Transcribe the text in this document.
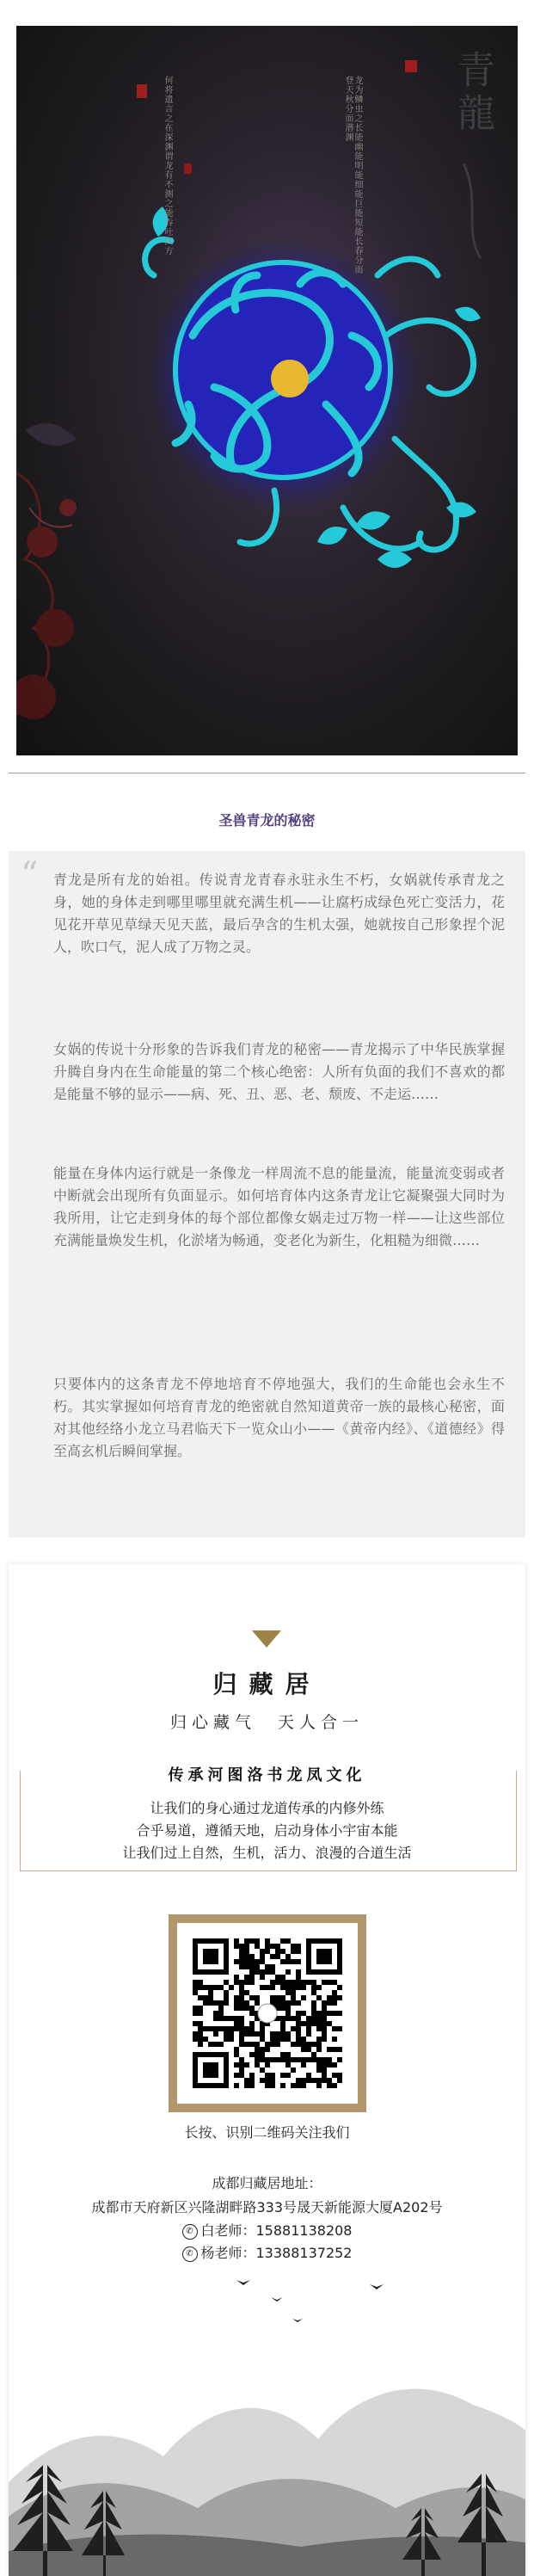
青龍
何将遗言之在深渊谓龙有不测之能吞吐四方	龙为鳞虫之长能幽能明能细能巨能短能长春分而登天秋分而潜渊
圣兽青龙的秘密
“ 青龙是所有龙的始祖。传说青龙青春永驻永生不朽，女娲就传承青龙之身，她的身体走到哪里哪里就充满生机——让腐朽成绿色死亡变活力，花见花开草见草绿天见天蓝，最后孕含的生机太强，她就按自己形象捏个泥人，吹口气，泥人成了万物之灵。
女娲的传说十分形象的告诉我们青龙的秘密——青龙揭示了中华民族掌握升腾自身内在生命能量的第二个核心绝密：人所有负面的我们不喜欢的都是能量不够的显示——病、死、丑、恶、老、颓废、不走运……
能量在身体内运行就是一条像龙一样周流不息的能量流，能量流变弱或者中断就会出现所有负面显示。如何培育体内这条青龙让它凝聚强大同时为我所用，让它走到身体的每个部位都像女娲走过万物一样——让这些部位充满能量焕发生机，化淤堵为畅通，变老化为新生，化粗糙为细微……
只要体内的这条青龙不停地培育不停地强大，我们的生命能也会永生不朽。其实掌握如何培育青龙的绝密就自然知道黄帝一族的最核心秘密，面对其他经络小龙立马君临天下一览众山小——《黄帝内经》、《道德经》得至高玄机后瞬间掌握。
归藏居
归心藏气　天人合一
传承河图洛书龙凤文化
让我们的身心通过龙道传承的内修外练
合乎易道，遵循天地，启动身体小宇宙本能
让我们过上自然，生机，活力、浪漫的合道生活
长按、识别二维码关注我们
成都归藏居地址：
成都市天府新区兴隆湖畔路333号晟天新能源大厦A202号
✆ 白老师：15881138208
✆ 杨老师：13388137252
